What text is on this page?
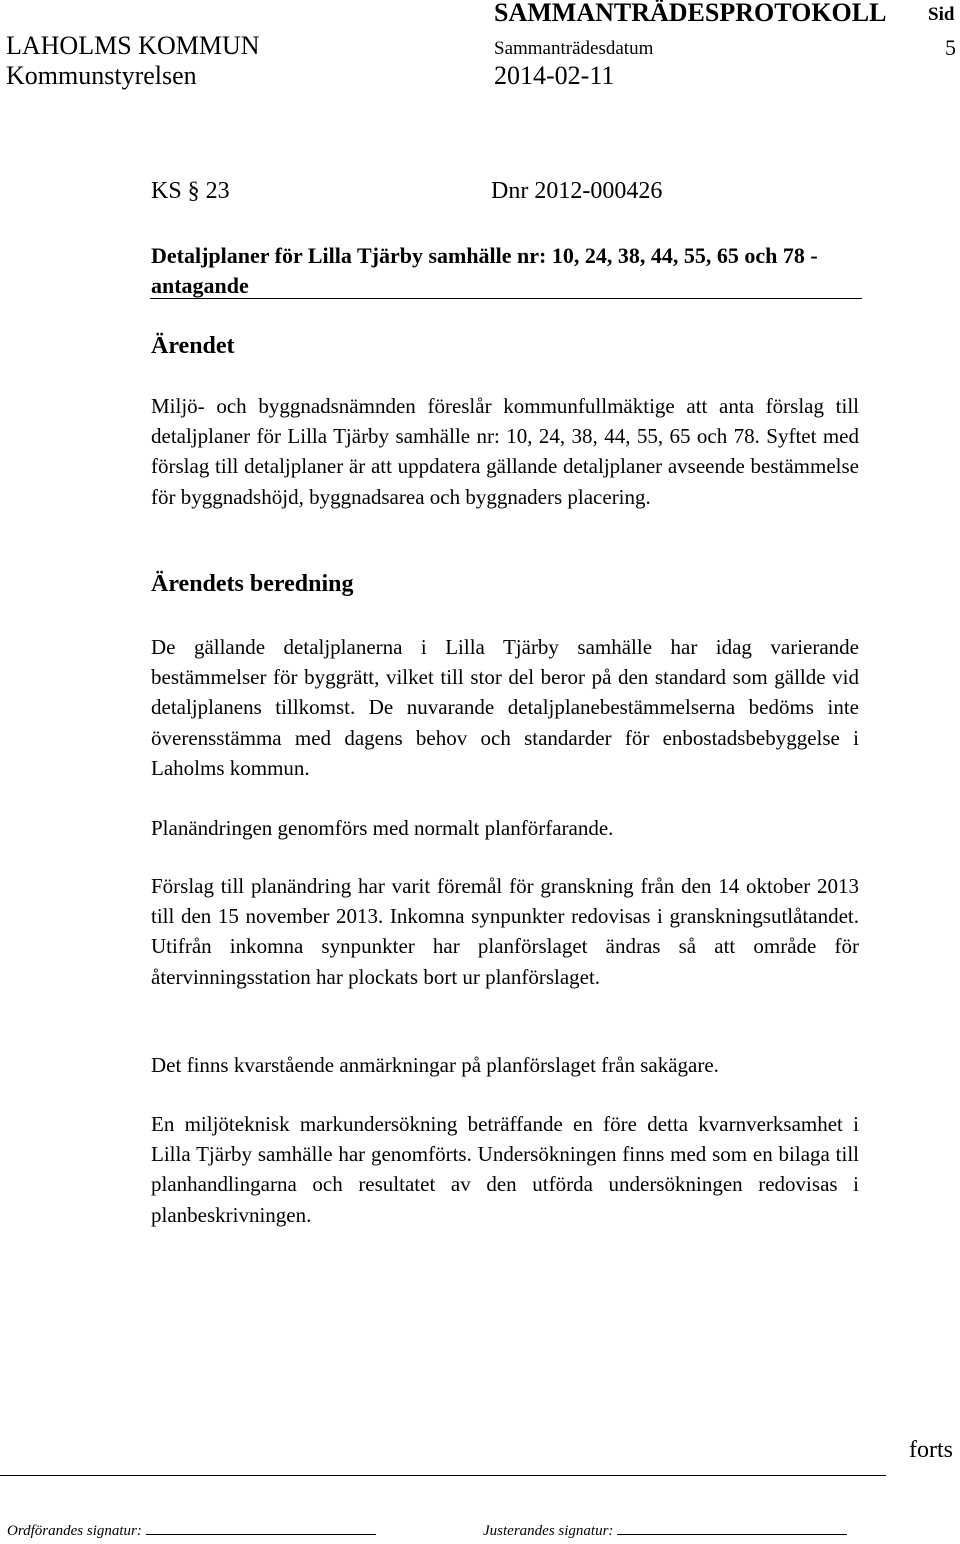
SAMMANTRÄDESPROTOKOLL Sid
LAHOLMS KOMMUN	Sammanträdesdatum	5
Kommunstyrelsen	2014-02-11
KS § 23	Dnr 2012-000426
Detaljplaner för Lilla Tjärby samhälle nr: 10, 24, 38, 44, 55, 65 och 78 - antagande
Ärendet
Miljö- och byggnadsnämnden föreslår kommunfullmäktige att anta förslag till detaljplaner för Lilla Tjärby samhälle nr: 10, 24, 38, 44, 55, 65 och 78. Syftet med förslag till detaljplaner är att uppdatera gällande detaljplaner avseende bestämmelse för byggnadshöjd, byggnadsarea och byggnaders placering.
Ärendets beredning
De gällande detaljplanerna i Lilla Tjärby samhälle har idag varierande bestämmelser för byggrätt, vilket till stor del beror på den standard som gällde vid detaljplanens tillkomst. De nuvarande detaljplanebestämmelserna bedöms inte överensstämma med dagens behov och standarder för enbostadsbebyggelse i Laholms kommun.
Planändringen genomförs med normalt planförfarande.
Förslag till planändring har varit föremål för granskning från den 14 oktober 2013 till den 15 november 2013. Inkomna synpunkter redovisas i granskningsutlåtandet. Utifrån inkomna synpunkter har planförslaget ändras så att område för återvinningsstation har plockats bort ur planförslaget.
Det finns kvarstående anmärkningar på planförslaget från sakägare.
En miljöteknisk markundersökning beträffande en före detta kvarnverksamhet i Lilla Tjärby samhälle har genomförts. Undersökningen finns med som en bilaga till planhandlingarna och resultatet av den utförda undersökningen redovisas i planbeskrivningen.
forts
Ordförandes signatur:	Justerandes signatur:
